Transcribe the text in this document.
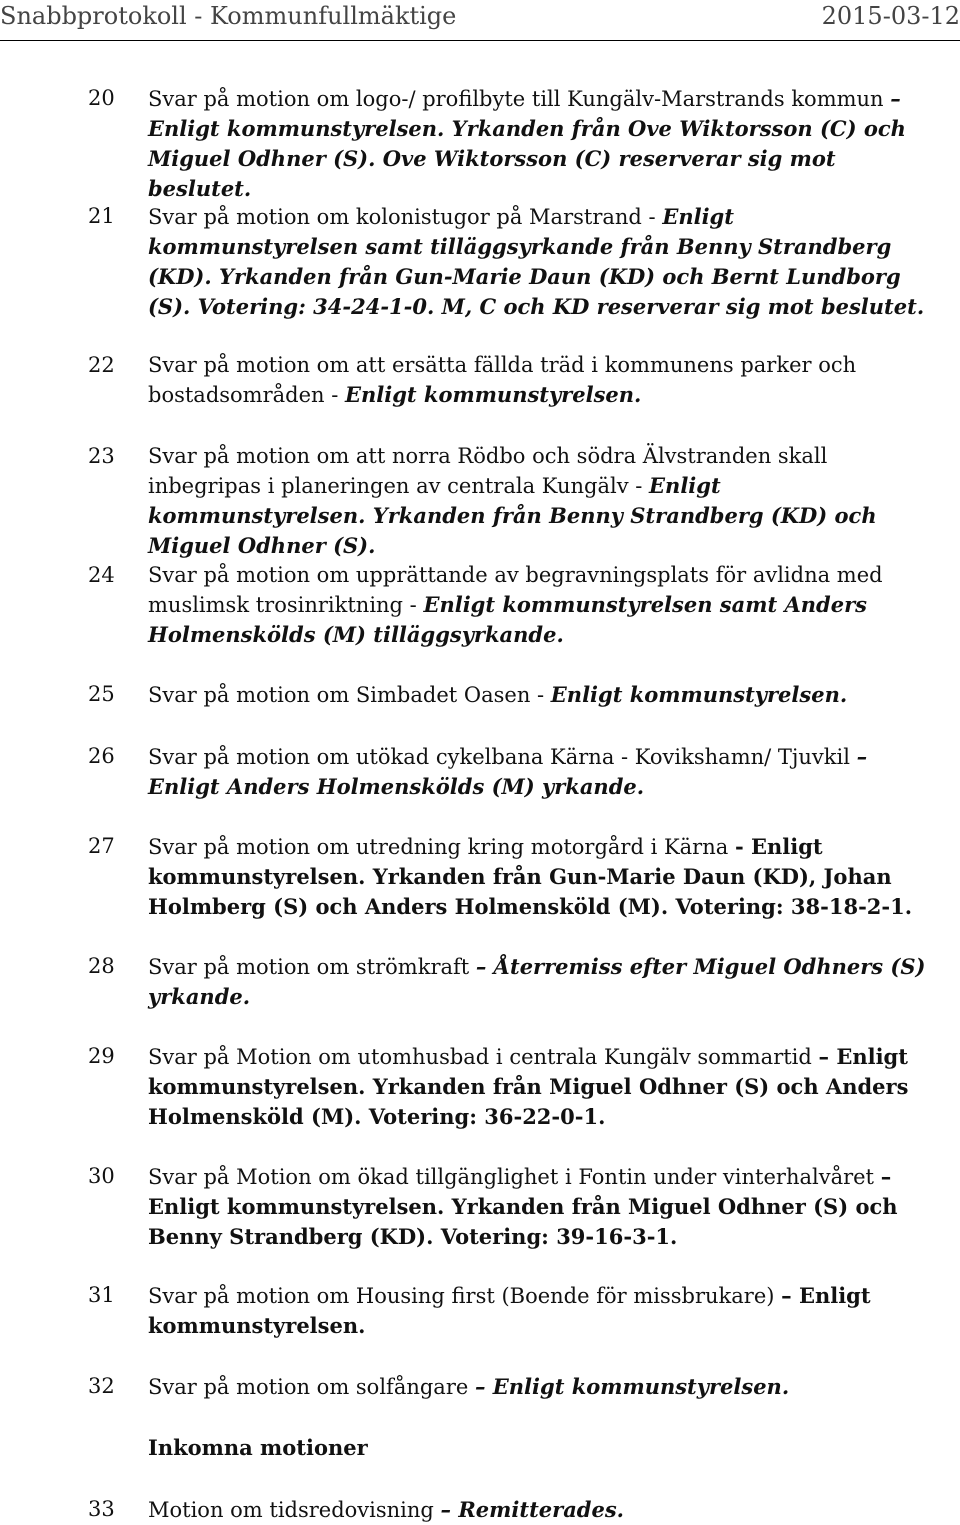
Snabbprotokoll - Kommunfullmäktige	2015-03-12
20 Svar på motion om logo-/ profilbyte till Kungälv-Marstrands kommun – Enligt kommunstyrelsen. Yrkanden från Ove Wiktorsson (C) och Miguel Odhner (S). Ove Wiktorsson (C) reserverar sig mot beslutet.
21 Svar på motion om kolonistugor på Marstrand - Enligt kommunstyrelsen samt tilläggsyrkande från Benny Strandberg (KD). Yrkanden från Gun-Marie Daun (KD) och Bernt Lundborg (S). Votering: 34-24-1-0. M, C och KD reserverar sig mot beslutet.
22 Svar på motion om att ersätta fällda träd i kommunens parker och bostadsområden - Enligt kommunstyrelsen.
23 Svar på motion om att norra Rödbo och södra Älvstranden skall inbegripas i planeringen av centrala Kungälv - Enligt kommunstyrelsen. Yrkanden från Benny Strandberg (KD) och Miguel Odhner (S).
24 Svar på motion om upprättande av begravningsplats för avlidna med muslimsk trosinriktning - Enligt kommunstyrelsen samt Anders Holmenskölds (M) tilläggsyrkande.
25 Svar på motion om Simbadet Oasen - Enligt kommunstyrelsen.
26 Svar på motion om utökad cykelbana Kärna - Kovikshamn/ Tjuvkil – Enligt Anders Holmenskölds (M) yrkande.
27 Svar på motion om utredning kring motorgård i Kärna - Enligt kommunstyrelsen. Yrkanden från Gun-Marie Daun (KD), Johan Holmberg (S) och Anders Holmensköld (M). Votering: 38-18-2-1.
28 Svar på motion om strömkraft – Återremiss efter Miguel Odhners (S) yrkande.
29 Svar på Motion om utomhusbad i centrala Kungälv sommartid – Enligt kommunstyrelsen. Yrkanden från Miguel Odhner (S) och Anders Holmensköld (M). Votering: 36-22-0-1.
30 Svar på Motion om ökad tillgänglighet i Fontin under vinterhalvåret – Enligt kommunstyrelsen. Yrkanden från Miguel Odhner (S) och Benny Strandberg (KD). Votering: 39-16-3-1.
31 Svar på motion om Housing first (Boende för missbrukare) – Enligt kommunstyrelsen.
32 Svar på motion om solfångare – Enligt kommunstyrelsen.
Inkomna motioner
33 Motion om tidsredovisning – Remitterades.
